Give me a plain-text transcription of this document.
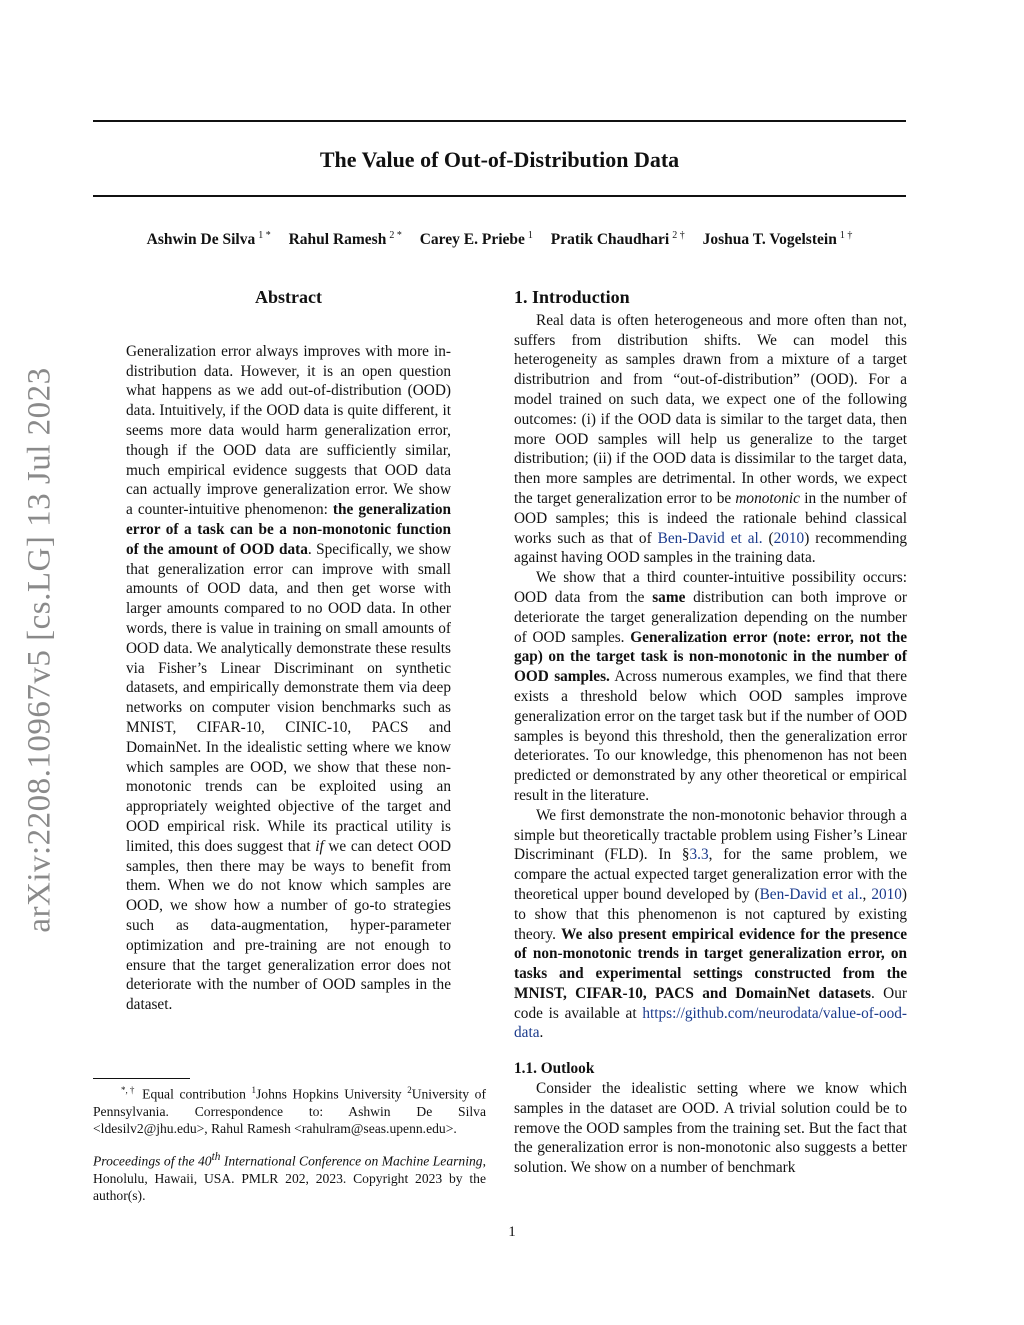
The Value of Out-of-Distribution Data
Ashwin De Silva $^{1 *}$ Rahul Ramesh $^{2 *}$ Carey E. Priebe $^1$ Pratik Chaudhari $^{2 \dagger}$ Joshua T. Vogelstein $^{1 \dagger}$
arXiv:2208.10967v5 [cs.LG] 13 Jul 2023
Abstract

Generalization error always improves with more in-distribution data. However, it is an open question what happens as we add out-of-distribution (OOD) data. Intuitively, if the OOD data is quite different, it seems more data would harm generalization error, though if the OOD data are sufficiently similar, much empirical evidence suggests that OOD data can actually improve generalization error. We show a counter-intuitive phenomenon: the generalization error of a task can be a non-monotonic function of the amount of OOD data. Specifically, we show that generalization error can improve with small amounts of OOD data, and then get worse with larger amounts compared to no OOD data. In other words, there is value in training on small amounts of OOD data. We analytically demonstrate these results via Fisher’s Linear Discriminant on synthetic datasets, and empirically demonstrate them via deep networks on computer vision benchmarks such as MNIST, CIFAR-10, CINIC-10, PACS and DomainNet. In the idealistic setting where we know which samples are OOD, we show that these non-monotonic trends can be exploited using an appropriately weighted objective of the target and OOD empirical risk. While its practical utility is limited, this does suggest that if we can detect OOD samples, then there may be ways to benefit from them. When we do not know which samples are OOD, we show how a number of go-to strategies such as data-augmentation, hyper-parameter optimization and pre-training are not enough to ensure that the target generalization error does not deteriorate with the number of OOD samples in the dataset.

1. Introduction

Real data is often heterogeneous and more often than not, suffers from distribution shifts. We can model this heterogeneity as samples drawn from a mixture of a target distributrion and from “out-of-distribution” (OOD). For a model trained on such data, we expect one of the following outcomes: (i) if the OOD data is similar to the target data, then more OOD samples will help us generalize to the target distribution; (ii) if the OOD data is dissimilar to the target data, then more samples are detrimental. In other words, we expect the target generalization error to be monotonic in the number of OOD samples; this is indeed the rationale behind classical works such as that of Ben-David et al. (2010) recommending against having OOD samples in the training data.

We show that a third counter-intuitive possibility occurs: OOD data from the same distribution can both improve or deteriorate the target generalization depending on the number of OOD samples. Generalization error (note: error, not the gap) on the target task is non-monotonic in the number of OOD samples. Across numerous examples, we find that there exists a threshold below which OOD samples improve generalization error on the target task but if the number of OOD samples is beyond this threshold, then the generalization error deteriorates. To our knowledge, this phenomenon has not been predicted or demonstrated by any other theoretical or empirical result in the literature.

We first demonstrate the non-monotonic behavior through a simple but theoretically tractable problem using Fisher’s Linear Discriminant (FLD). In §3.3, for the same problem, we compare the actual expected target generalization error with the theoretical upper bound developed by (Ben-David et al., 2010) to show that this phenomenon is not captured by existing theory. We also present empirical evidence for the presence of non-monotonic trends in target generalization error, on tasks and experimental settings constructed from the MNIST, CIFAR-10, PACS and DomainNet datasets. Our code is available at https://github.com/neurodata/value-of-ood-data.

1.1. Outlook

Consider the idealistic setting where we know which samples in the dataset are OOD. A trivial solution could be to remove the OOD samples from the training set. But the fact that the generalization error is non-monotonic also suggests a better solution. We show on a number of benchmark

*,† Equal contribution $^1$Johns Hopkins University $^2$University of Pennsylvania. Correspondence to: Ashwin De Silva <ldesilv2@jhu.edu>, Rahul Ramesh <rahulram@seas.upenn.edu>.
Proceedings of the 40th International Conference on Machine Learning, Honolulu, Hawaii, USA. PMLR 202, 2023. Copyright 2023 by the author(s).
1
